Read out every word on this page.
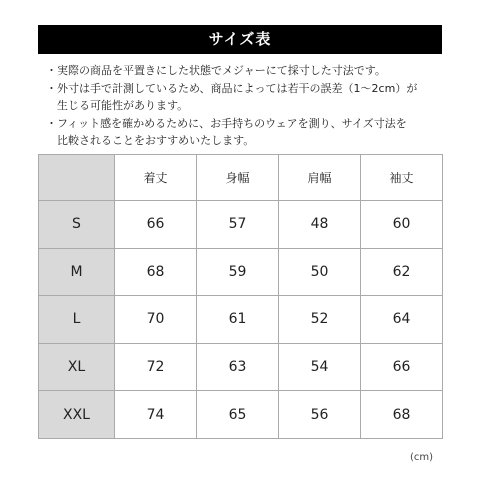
サイズ表
・実際の商品を平置きにした状態でメジャーにて採寸した寸法です。
・外寸は手で計測しているため、商品によっては若干の誤差（1〜2cm）が
　生じる可能性があります。
・フィット感を確かめるために、お手持ちのウェアを測り、サイズ寸法を
　比較されることをおすすめいたします。
	着丈	身幅	肩幅	袖丈
S	66	57	48	60
M	68	59	50	62
L	70	61	52	64
XL	72	63	54	66
XXL	74	65	56	68
(cm)
